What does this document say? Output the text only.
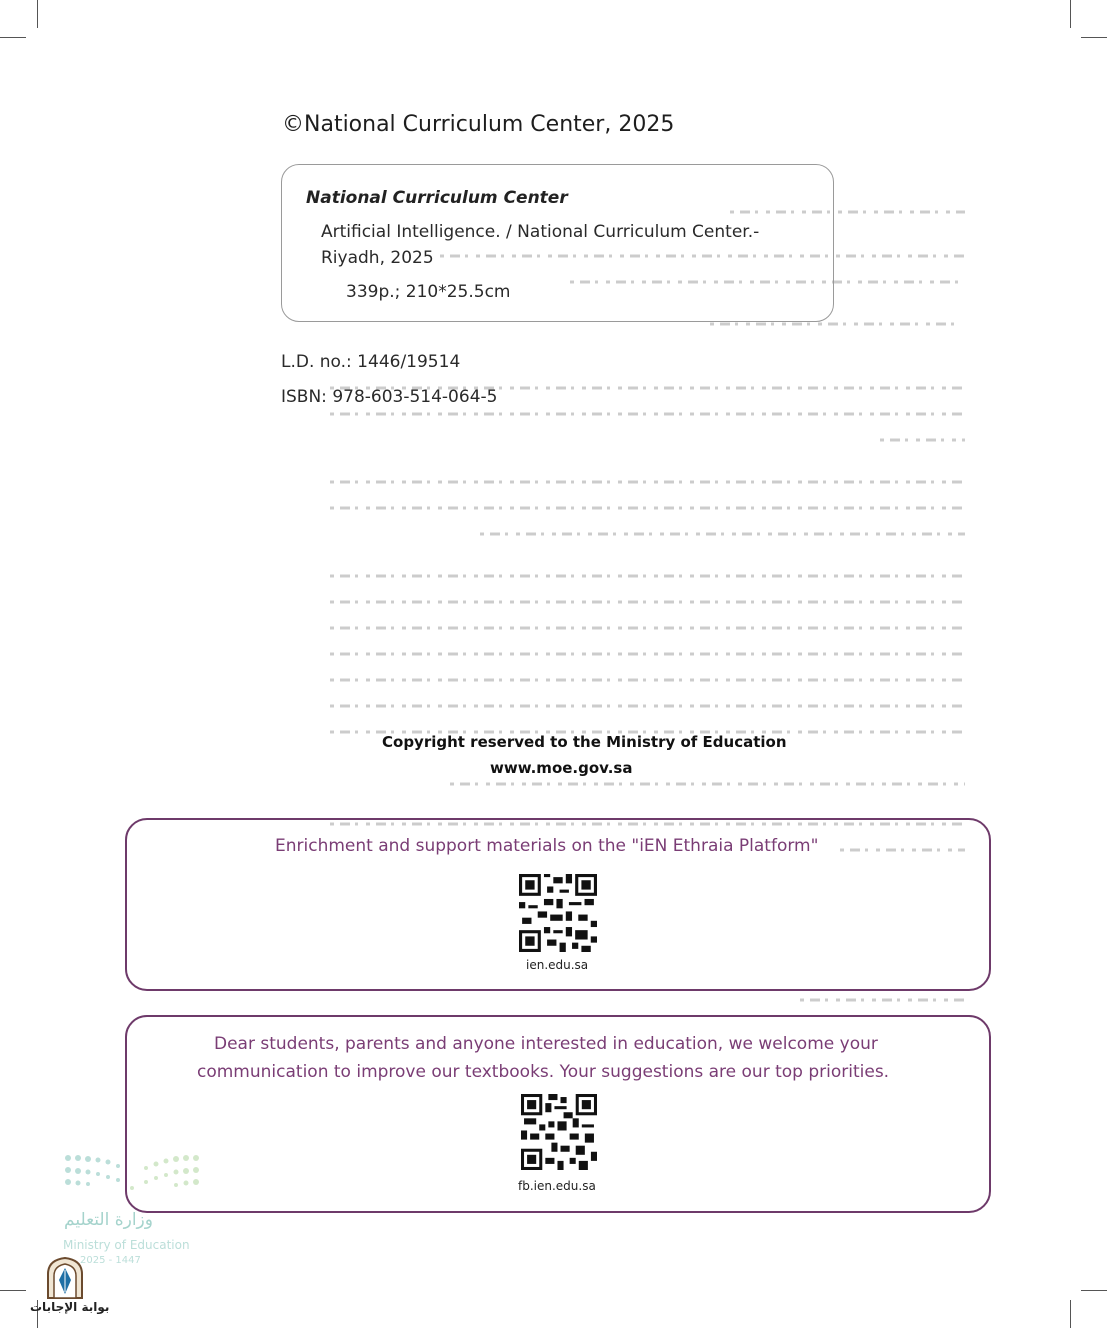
©National Curriculum Center, 2025
National Curriculum Center
Artificial Intelligence. / National Curriculum Center.-
Riyadh, 2025
339p.; 210*25.5cm
L.D. no.: 1446/19514
ISBN: 978-603-514-064-5
Copyright reserved to the Ministry of Education
www.moe.gov.sa
Enrichment and support materials on the "iEN Ethraia Platform"
ien.edu.sa
Dear students, parents and anyone interested in education, we welcome your
communication to improve our textbooks. Your suggestions are our top priorities.
fb.ien.edu.sa
وزارة التعليم
Ministry of Education
2025 - 1447
بوابة الإجابات
